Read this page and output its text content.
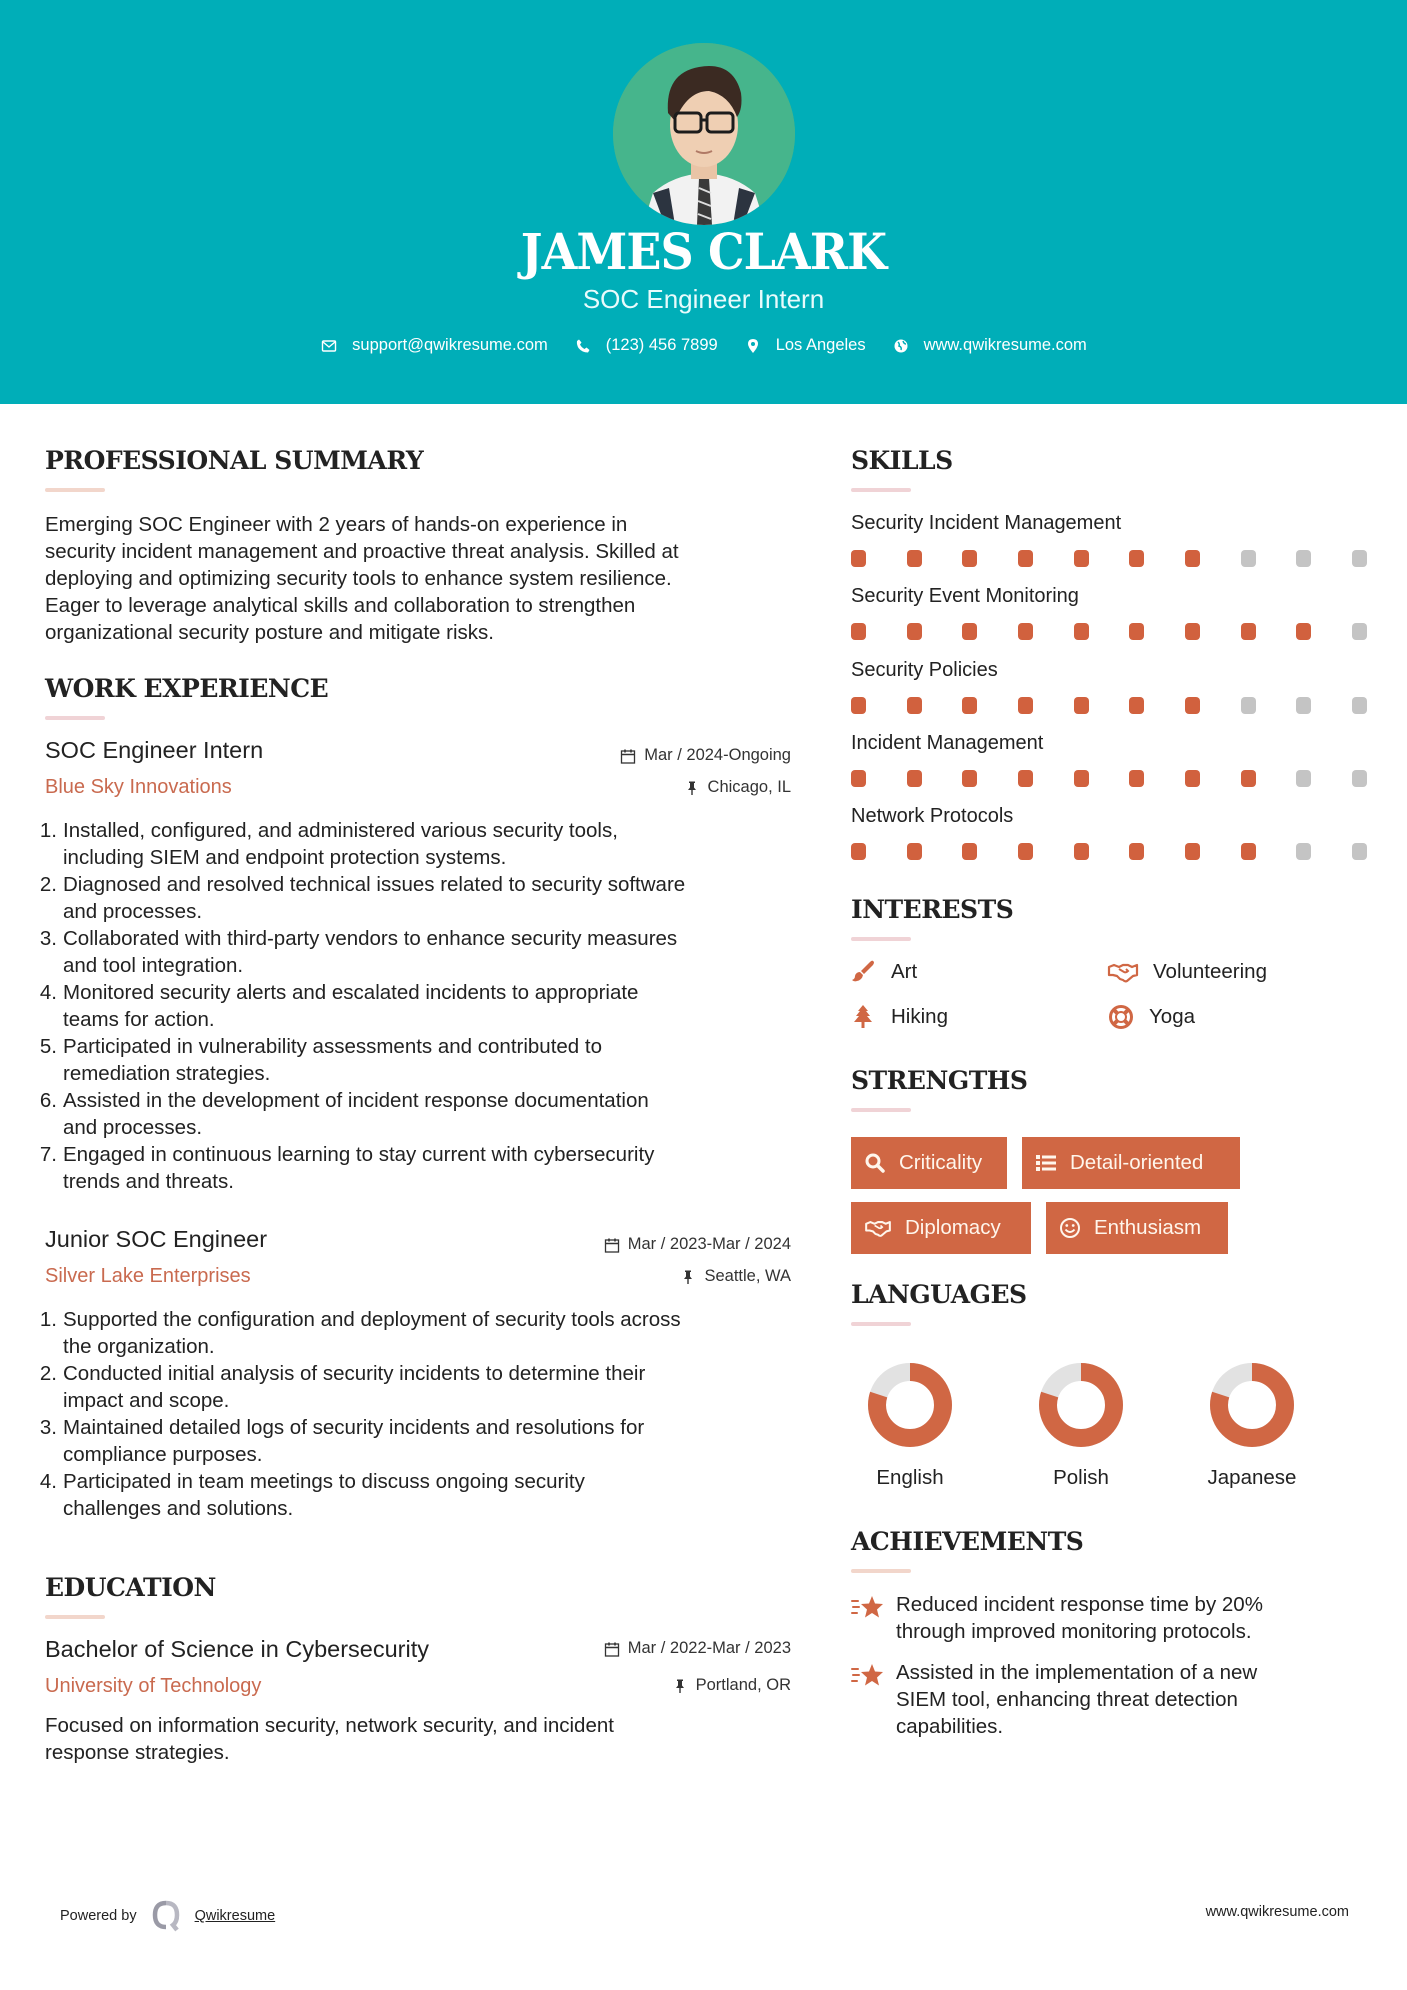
JAMES CLARK
SOC Engineer Intern
support@qwikresume.com	(123) 456 7899	Los Angeles	www.qwikresume.com
PROFESSIONAL SUMMARY
Emerging SOC Engineer with 2 years of hands-on experience in
security incident management and proactive threat analysis. Skilled at
deploying and optimizing security tools to enhance system resilience.
Eager to leverage analytical skills and collaboration to strengthen
organizational security posture and mitigate risks.
WORK EXPERIENCE
SOC Engineer Intern	Mar / 2024-Ongoing
Blue Sky Innovations	Chicago, IL
1. Installed, configured, and administered various security tools,
including SIEM and endpoint protection systems.
2. Diagnosed and resolved technical issues related to security software
and processes.
3. Collaborated with third-party vendors to enhance security measures
and tool integration.
4. Monitored security alerts and escalated incidents to appropriate
teams for action.
5. Participated in vulnerability assessments and contributed to
remediation strategies.
6. Assisted in the development of incident response documentation
and processes.
7. Engaged in continuous learning to stay current with cybersecurity
trends and threats.
Junior SOC Engineer	Mar / 2023-Mar / 2024
Silver Lake Enterprises	Seattle, WA
1. Supported the configuration and deployment of security tools across
the organization.
2. Conducted initial analysis of security incidents to determine their
impact and scope.
3. Maintained detailed logs of security incidents and resolutions for
compliance purposes.
4. Participated in team meetings to discuss ongoing security
challenges and solutions.
EDUCATION
Bachelor of Science in Cybersecurity	Mar / 2022-Mar / 2023
University of Technology	Portland, OR
Focused on information security, network security, and incident
response strategies.
SKILLS
Security Incident Management
Security Event Monitoring
Security Policies
Incident Management
Network Protocols
INTERESTS
Art	Volunteering
Hiking	Yoga
STRENGTHS
Criticality	Detail-oriented
Diplomacy	Enthusiasm
LANGUAGES
English	Polish	Japanese
ACHIEVEMENTS
Reduced incident response time by 20%
through improved monitoring protocols.
Assisted in the implementation of a new
SIEM tool, enhancing threat detection
capabilities.
Powered by	Qwikresume	www.qwikresume.com
